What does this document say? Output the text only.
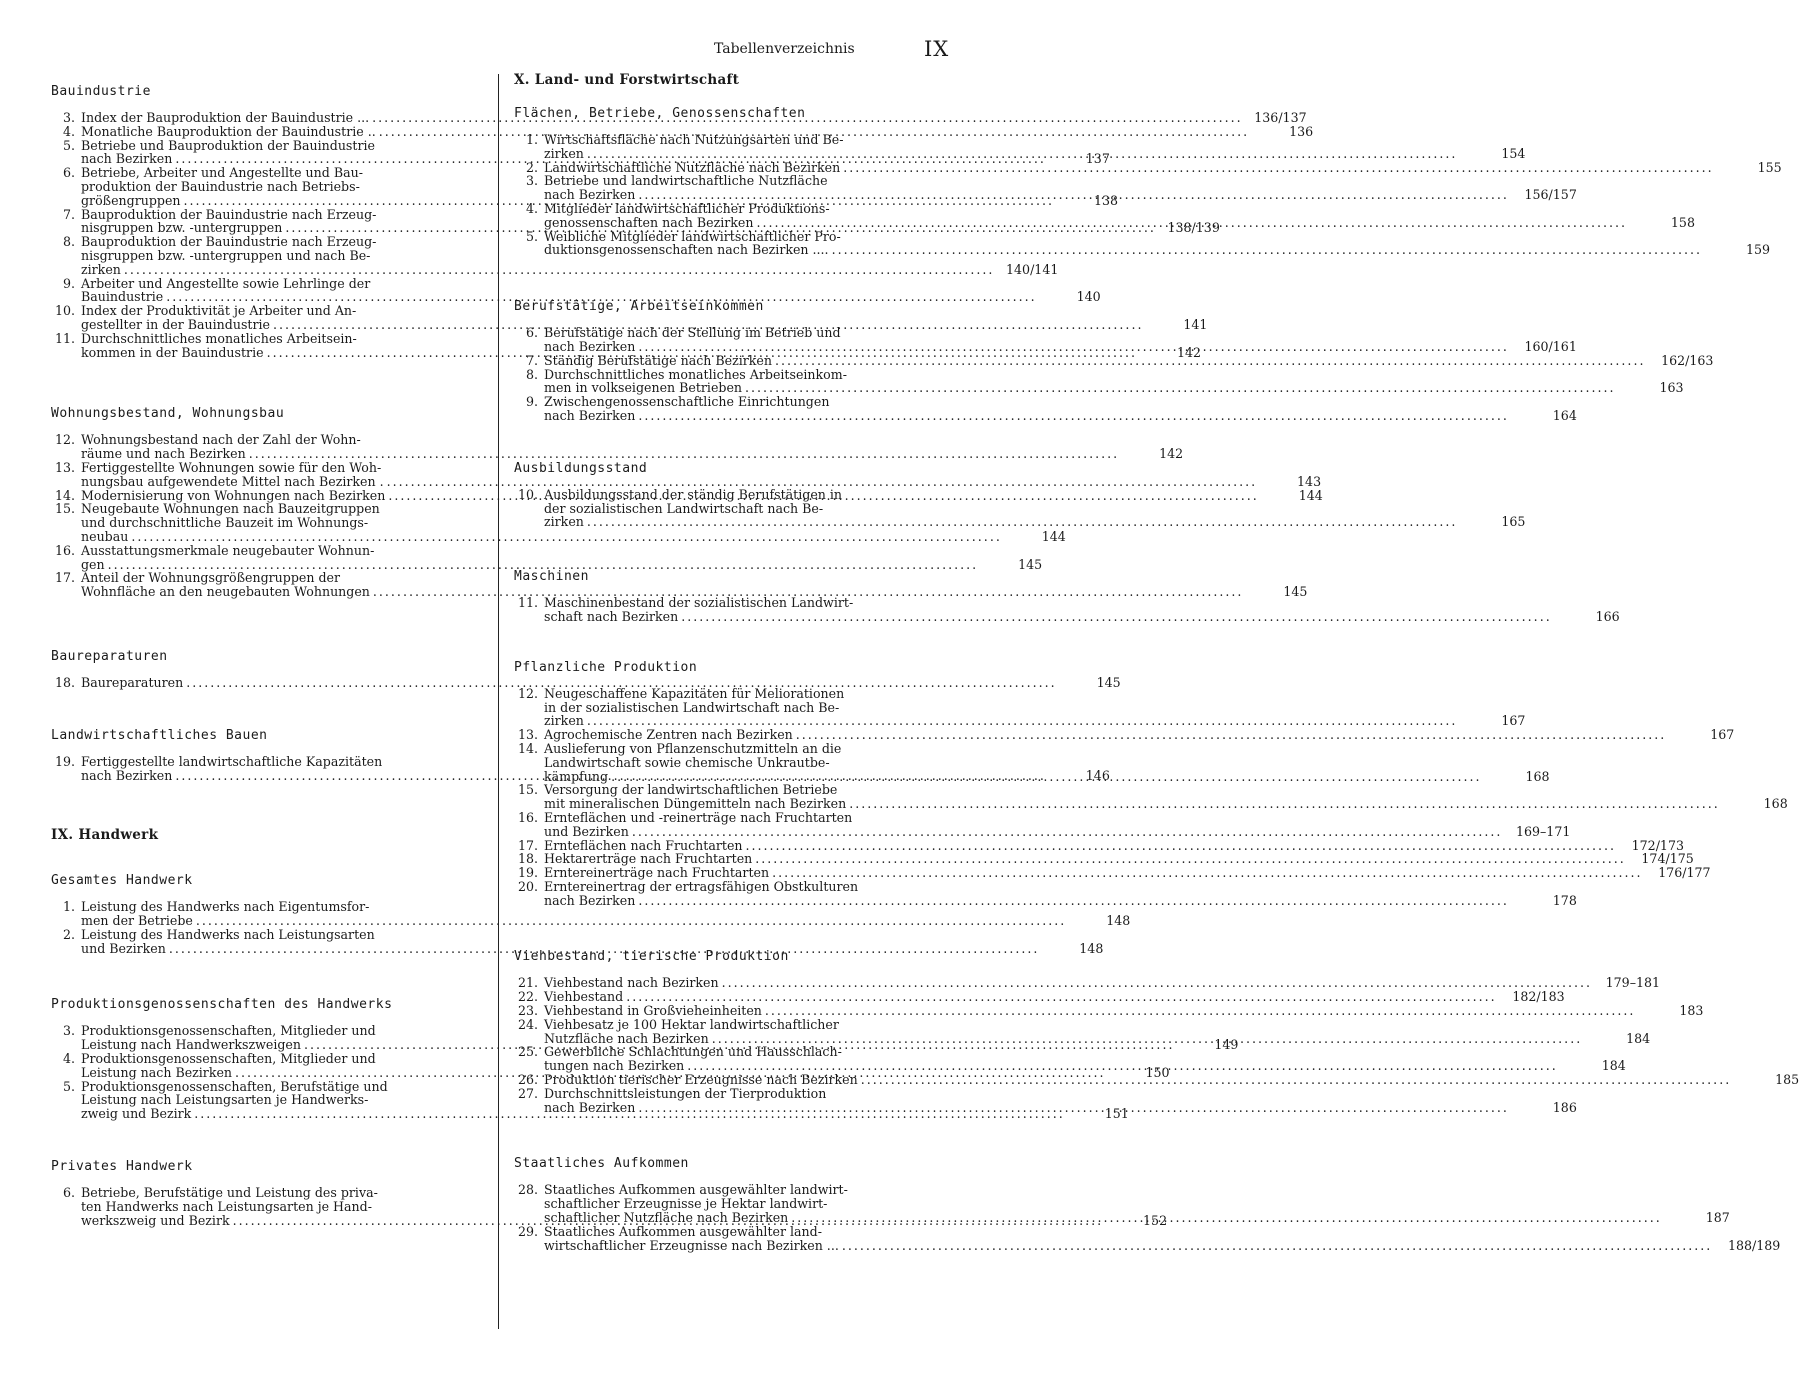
Tabellenverzeichnis	IX
Bauindustrie
3. Index der Bauproduktion der Bauindustrie ... .....	136/137
4. Monatliche Bauproduktion der Bauindustrie .. .....	136
5. Betriebe und Bauproduktion der Bauindustrie
nach Bezirken .....	137
6. Betriebe, Arbeiter und Angestellte und Bau-
produktion der Bauindustrie nach Betriebs-
größengruppen .....	138
7. Bauproduktion der Bauindustrie nach Erzeug-
nisgruppen bzw. -untergruppen .....	138/139
8. Bauproduktion der Bauindustrie nach Erzeug-
nisgruppen bzw. -untergruppen und nach Be-
zirken .....	140/141
9. Arbeiter und Angestellte sowie Lehrlinge der
Bauindustrie .....	140
10. Index der Produktivität je Arbeiter und An-
gestellter in der Bauindustrie .....	141
11. Durchschnittliches monatliches Arbeitsein-
kommen in der Bauindustrie .....	142
Wohnungsbestand, Wohnungsbau
12. Wohnungsbestand nach der Zahl der Wohn-
räume und nach Bezirken .....	142
13. Fertiggestellte Wohnungen sowie für den Woh-
nungsbau aufgewendete Mittel nach Bezirken . .....	143
14. Modernisierung von Wohnungen nach Bezirken .....	144
15. Neugebaute Wohnungen nach Bauzeitgruppen
und durchschnittliche Bauzeit im Wohnungs-
neubau .....	144
16. Ausstattungsmerkmale neugebauter Wohnun-
gen .....	145
17. Anteil der Wohnungsgrößengruppen der
Wohnfläche an den neugebauten Wohnungen .....	145
Baureparaturen
18. Baureparaturen .....	145
Landwirtschaftliches Bauen
19. Fertiggestellte landwirtschaftliche Kapazitäten
nach Bezirken .....	146
IX. Handwerk
Gesamtes Handwerk
1. Leistung des Handwerks nach Eigentumsfor-
men der Betriebe .....	148
2. Leistung des Handwerks nach Leistungsarten
und Bezirken .....	148
Produktionsgenossenschaften des Handwerks
3. Produktionsgenossenschaften, Mitglieder und
Leistung nach Handwerkszweigen .....	149
4. Produktionsgenossenschaften, Mitglieder und
Leistung nach Bezirken .....	150
5. Produktionsgenossenschaften, Berufstätige und
Leistung nach Leistungsarten je Handwerks-
zweig und Bezirk .....	151
Privates Handwerk
6. Betriebe, Berufstätige und Leistung des priva-
ten Handwerks nach Leistungsarten je Hand-
werkszweig und Bezirk .....	152
X. Land- und Forstwirtschaft
Flächen, Betriebe, Genossenschaften
1. Wirtschaftsfläche nach Nutzungsarten und Be-
zirken .....	154
2. Landwirtschaftliche Nutzfläche nach Bezirken .....	155
3. Betriebe und landwirtschaftliche Nutzfläche
nach Bezirken .....	156/157
4. Mitglieder landwirtschaftlicher Produktions-
genossenschaften nach Bezirken .....	158
5. Weibliche Mitglieder landwirtschaftlicher Pro-
duktionsgenossenschaften nach Bezirken .... .....	159
Berufstätige, Arbeitseinkommen
6. Berufstätige nach der Stellung im Betrieb und
nach Bezirken .....	160/161
7. Ständig Berufstätige nach Bezirken .....	162/163
8. Durchschnittliches monatliches Arbeitseinkom-
men in volkseigenen Betrieben .....	163
9. Zwischengenossenschaftliche Einrichtungen
nach Bezirken .....	164
Ausbildungsstand
10. Ausbildungsstand der ständig Berufstätigen in
der sozialistischen Landwirtschaft nach Be-
zirken .....	165
Maschinen
11. Maschinenbestand der sozialistischen Landwirt-
schaft nach Bezirken .....	166
Pflanzliche Produktion
12. Neugeschaffene Kapazitäten für Meliorationen
in der sozialistischen Landwirtschaft nach Be-
zirken .....	167
13. Agrochemische Zentren nach Bezirken .....	167
14. Auslieferung von Pflanzenschutzmitteln an die
Landwirtschaft sowie chemische Unkrautbe-
kämpfung .....	168
15. Versorgung der landwirtschaftlichen Betriebe
mit mineralischen Düngemitteln nach Bezirken .....	168
16. Ernteflächen und -reinerträge nach Fruchtarten
und Bezirken .....	169–171
17. Ernteflächen nach Fruchtarten .....	172/173
18. Hektarerträge nach Fruchtarten .....	174/175
19. Erntereinerträge nach Fruchtarten .....	176/177
20. Erntereinertrag der ertragsfähigen Obstkulturen
nach Bezirken .....	178
Viehbestand, tierische Produktion
21. Viehbestand nach Bezirken .....	179–181
22. Viehbestand .....	182/183
23. Viehbestand in Großvieheinheiten .....	183
24. Viehbesatz je 100 Hektar landwirtschaftlicher
Nutzfläche nach Bezirken .....	184
25. Gewerbliche Schlachtungen und Hausschlach-
tungen nach Bezirken .....	184
26. Produktion tierischer Erzeugnisse nach Bezirken .....	185
27. Durchschnittsleistungen der Tierproduktion
nach Bezirken .....	186
Staatliches Aufkommen
28. Staatliches Aufkommen ausgewählter landwirt-
schaftlicher Erzeugnisse je Hektar landwirt-
schaftlicher Nutzfläche nach Bezirken .....	187
29. Staatliches Aufkommen ausgewählter land-
wirtschaftlicher Erzeugnisse nach Bezirken ... .....	188/189
